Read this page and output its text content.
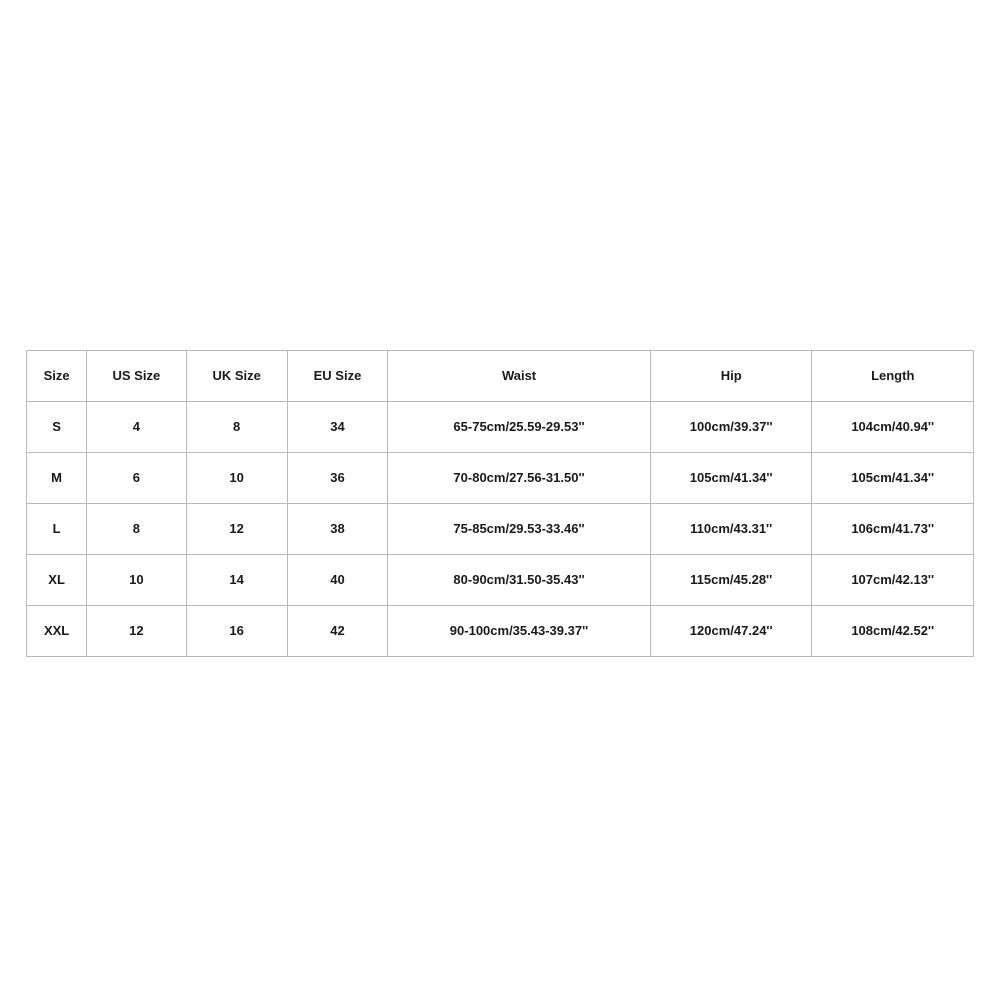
Size	US Size	UK Size	EU Size	Waist	Hip	Length
S	4	8	34	65-75cm/25.59-29.53''	100cm/39.37''	104cm/40.94''
M	6	10	36	70-80cm/27.56-31.50''	105cm/41.34''	105cm/41.34''
L	8	12	38	75-85cm/29.53-33.46''	110cm/43.31''	106cm/41.73''
XL	10	14	40	80-90cm/31.50-35.43''	115cm/45.28''	107cm/42.13''
XXL	12	16	42	90-100cm/35.43-39.37''	120cm/47.24''	108cm/42.52''
